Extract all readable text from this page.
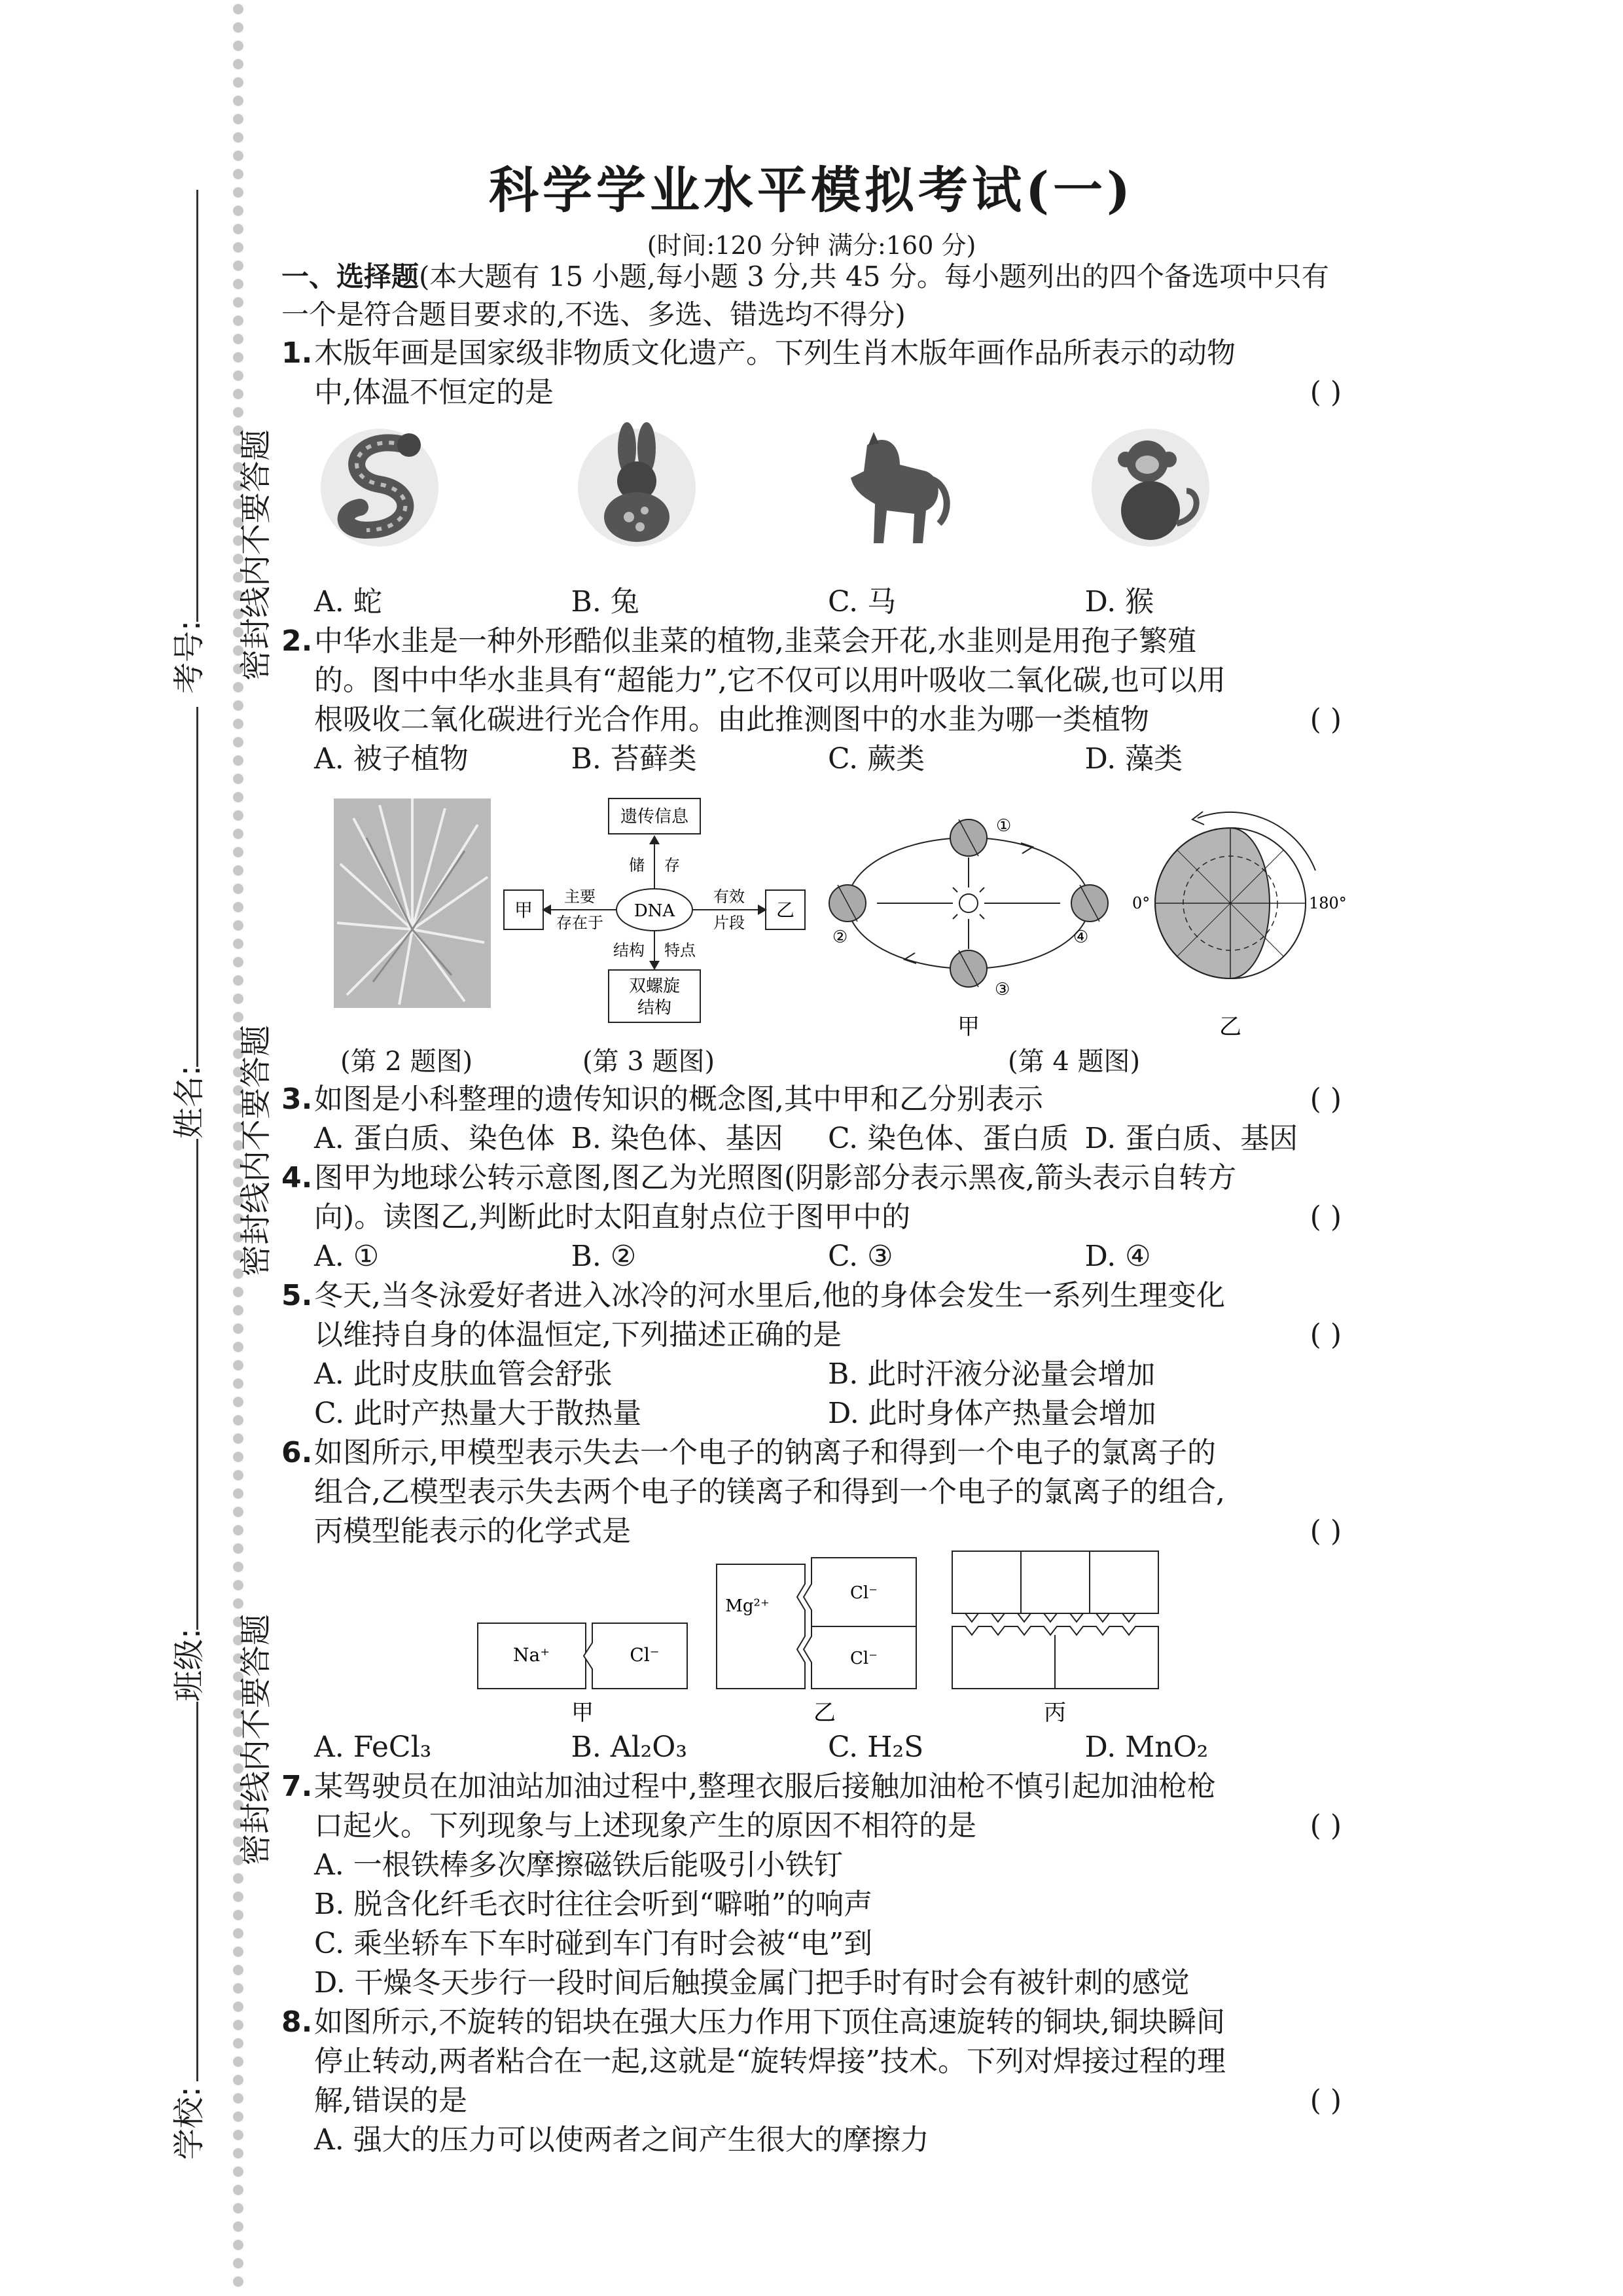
考号:
姓名:
班级:
学校:
密封线内不要答题
密封线内不要答题
密封线内不要答题
科学学业水平模拟考试(一)
(时间:120 分钟 满分:160 分)
一、选择题(本大题有 15 小题,每小题 3 分,共 45 分。每小题列出的四个备选项中只有一个是符合题目要求的,不选、多选、错选均不得分)
1. 木版年画是国家级非物质文化遗产。下列生肖木版年画作品所表示的动物中,体温不恒定的是	( )
A. 蛇	B. 兔	C. 马	D. 猴
2. 中华水韭是一种外形酷似韭菜的植物,韭菜会开花,水韭则是用孢子繁殖的。图中中华水韭具有“超能力”,它不仅可以用叶吸收二氧化碳,也可以用根吸收二氧化碳进行光合作用。由此推测图中的水韭为哪一类植物	( )
A. 被子植物	B. 苔藓类	C. 蕨类	D. 藻类
遗传信息
DNA
双螺旋
结构
甲	乙
储 存
主要
存在于
有效
片段
结构 特点
①
②
③
④
甲
0°	180°
乙
(第 2 题图)	(第 3 题图)	(第 4 题图)
3. 如图是小科整理的遗传知识的概念图,其中甲和乙分别表示	( )
A. 蛋白质、染色体 B. 染色体、基因	C. 染色体、蛋白质 D. 蛋白质、基因
4. 图甲为地球公转示意图,图乙为光照图(阴影部分表示黑夜,箭头表示自转方向)。读图乙,判断此时太阳直射点位于图甲中的	( )
A. ①	B. ②	C. ③	D. ④
5. 冬天,当冬泳爱好者进入冰冷的河水里后,他的身体会发生一系列生理变化以维持自身的体温恒定,下列描述正确的是	( )
A. 此时皮肤血管会舒张	B. 此时汗液分泌量会增加
C. 此时产热量大于散热量	D. 此时身体产热量会增加
6. 如图所示,甲模型表示失去一个电子的钠离子和得到一个电子的氯离子的组合,乙模型表示失去两个电子的镁离子和得到一个电子的氯离子的组合,丙模型能表示的化学式是	( )
Na⁺	Cl⁻
甲
Mg²⁺
Cl⁻
Cl⁻
乙	丙
A. FeCl₃	B. Al₂O₃	C. H₂S	D. MnO₂
7. 某驾驶员在加油站加油过程中,整理衣服后接触加油枪不慎引起加油枪枪口起火。下列现象与上述现象产生的原因不相符的是	( )
A. 一根铁棒多次摩擦磁铁后能吸引小铁钉
B. 脱含化纤毛衣时往往会听到“噼啪”的响声
C. 乘坐轿车下车时碰到车门有时会被“电”到
D. 干燥冬天步行一段时间后触摸金属门把手时有时会有被针刺的感觉
8. 如图所示,不旋转的铝块在强大压力作用下顶住高速旋转的铜块,铜块瞬间停止转动,两者粘合在一起,这就是“旋转焊接”技术。下列对焊接过程的理解,错误的是	( )
A. 强大的压力可以使两者之间产生很大的摩擦力
